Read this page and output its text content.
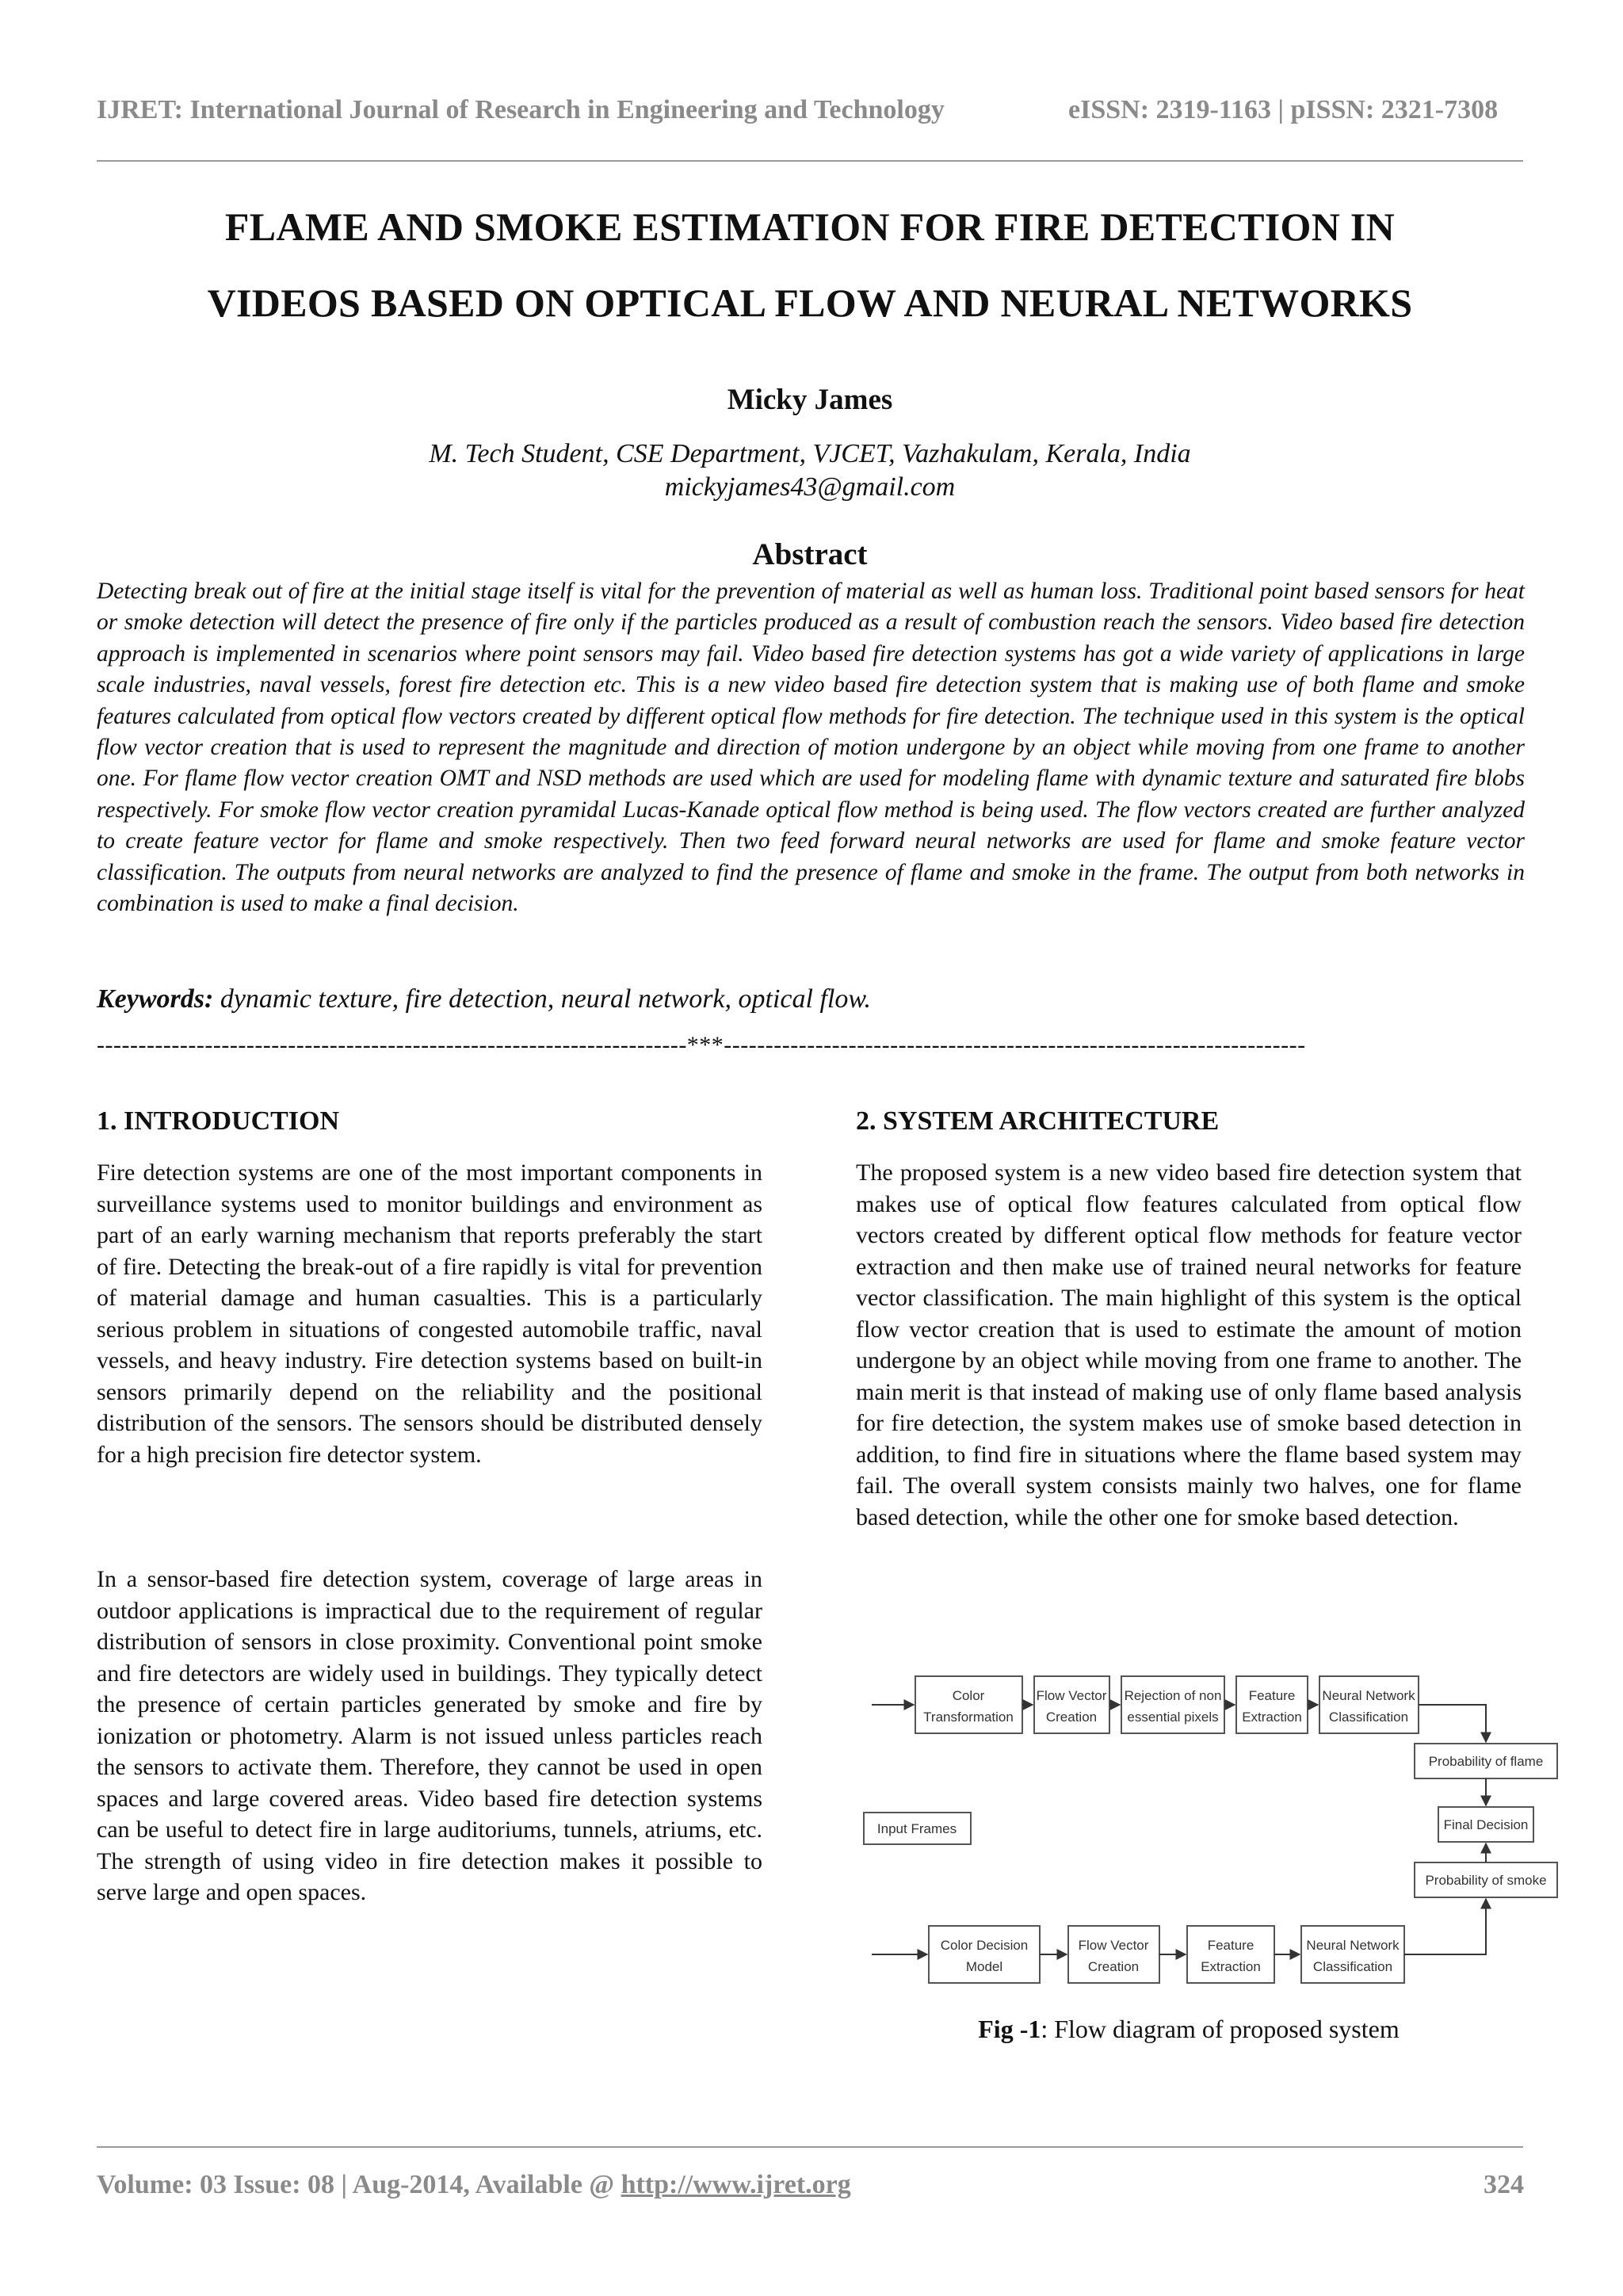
IJRET: International Journal of Research in Engineering and Technology	eISSN: 2319-1163 | pISSN: 2321-7308
FLAME AND SMOKE ESTIMATION FOR FIRE DETECTION IN
VIDEOS BASED ON OPTICAL FLOW AND NEURAL NETWORKS
Micky James
M. Tech Student, CSE Department, VJCET, Vazhakulam, Kerala, India
mickyjames43@gmail.com
Abstract
Detecting break out of fire at the initial stage itself is vital for the prevention of material as well as human loss. Traditional point based sensors for heat or smoke detection will detect the presence of fire only if the particles produced as a result of combustion reach the sensors. Video based fire detection approach is implemented in scenarios where point sensors may fail. Video based fire detection systems has got a wide variety of applications in large scale industries, naval vessels, forest fire detection etc. This is a new video based fire detection system that is making use of both flame and smoke features calculated from optical flow vectors created by different optical flow methods for fire detection. The technique used in this system is the optical flow vector creation that is used to represent the magnitude and direction of motion undergone by an object while moving from one frame to another one. For flame flow vector creation OMT and NSD methods are used which are used for modeling flame with dynamic texture and saturated fire blobs respectively. For smoke flow vector creation pyramidal Lucas-Kanade optical flow method is being used. The flow vectors created are further analyzed to create feature vector for flame and smoke respectively. Then two feed forward neural networks are used for flame and smoke feature vector classification. The outputs from neural networks are analyzed to find the presence of flame and smoke in the frame. The output from both networks in combination is used to make a final decision.
Keywords: dynamic texture, fire detection, neural network, optical flow.
-----------------------------------------------------------------------***----------------------------------------------------------------------
1. INTRODUCTION
Fire detection systems are one of the most important components in surveillance systems used to monitor buildings and environment as part of an early warning mechanism that reports preferably the start of fire. Detecting the break-out of a fire rapidly is vital for prevention of material damage and human casualties. This is a particularly serious problem in situations of congested automobile traffic, naval vessels, and heavy industry. Fire detection systems based on built-in sensors primarily depend on the reliability and the positional distribution of the sensors. The sensors should be distributed densely for a high precision fire detector system.
In a sensor-based fire detection system, coverage of large areas in outdoor applications is impractical due to the requirement of regular distribution of sensors in close proximity. Conventional point smoke and fire detectors are widely used in buildings. They typically detect the presence of certain particles generated by smoke and fire by ionization or photometry. Alarm is not issued unless particles reach the sensors to activate them. Therefore, they cannot be used in open spaces and large covered areas. Video based fire detection systems can be useful to detect fire in large auditoriums, tunnels, atriums, etc. The strength of using video in fire detection makes it possible to serve large and open spaces.
2. SYSTEM ARCHITECTURE
The proposed system is a new video based fire detection system that makes use of optical flow features calculated from optical flow vectors created by different optical flow methods for feature vector extraction and then make use of trained neural networks for feature vector classification. The main highlight of this system is the optical flow vector creation that is used to estimate the amount of motion undergone by an object while moving from one frame to another. The main merit is that instead of making use of only flame based analysis for fire detection, the system makes use of smoke based detection in addition, to find fire in situations where the flame based system may fail. The overall system consists mainly two halves, one for flame based detection, while the other one for smoke based detection.
Color
Transformation
Flow Vector
Creation
Rejection of non
essential pixels
Feature
Extraction
Neural Network
Classification
Probability of flame
Final Decision
Probability of smoke
Input Frames
Color Decision
Model
Flow Vector
Creation
Feature
Extraction
Neural Network
Classification
Fig -1: Flow diagram of proposed system
Volume: 03 Issue: 08 | Aug-2014, Available @ http://www.ijret.org	324
